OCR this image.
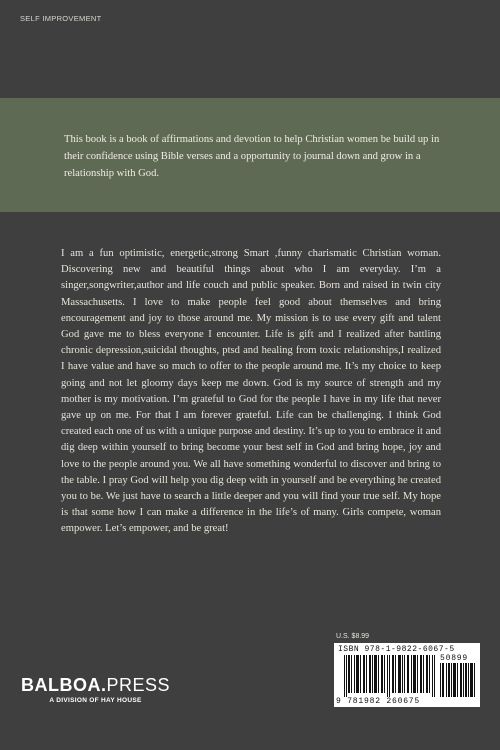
SELF IMPROVEMENT

This book is a book of affirmations and devotion to help Christian women be build up in their confidence using Bible verses and a opportunity to journal down and grow in a relationship with God.

I am a fun optimistic, energetic,strong Smart ,funny charismatic Christian woman. Discovering new and beautiful things about who I am everyday. I’m a singer,songwriter,author and life couch and public speaker. Born and raised in twin city Massachusetts. I love to make people feel good about themselves and bring encouragement and joy to those around me. My mission is to use every gift and talent God gave me to bless everyone I encounter. Life is gift and I realized after battling chronic depression,suicidal thoughts, ptsd and healing from toxic relationships,I realized I have value and have so much to offer to the people around me. It’s my choice to keep going and not let gloomy days keep me down. God is my source of strength and my mother is my motivation. I’m grateful to God for the people I have in my life that never gave up on me. For that I am forever grateful. Life can be challenging. I think God created each one of us with a unique purpose and destiny. It’s up to you to embrace it and dig deep within yourself to bring become your best self in God and bring hope, joy and love to the people around you. We all have something wonderful to discover and bring to the table. I pray God will help you dig deep with in yourself and be everything he created you to be. We just have to search a little deeper and you will find your true self. My hope is that some how I can make a difference in the life’s of many. Girls compete, woman empower. Let’s empower, and be great!

BALBOA.PRESS
A DIVISION OF HAY HOUSE
U.S. $8.99
ISBN 978-1-9822-6067-5
50899
9 781982 260675
